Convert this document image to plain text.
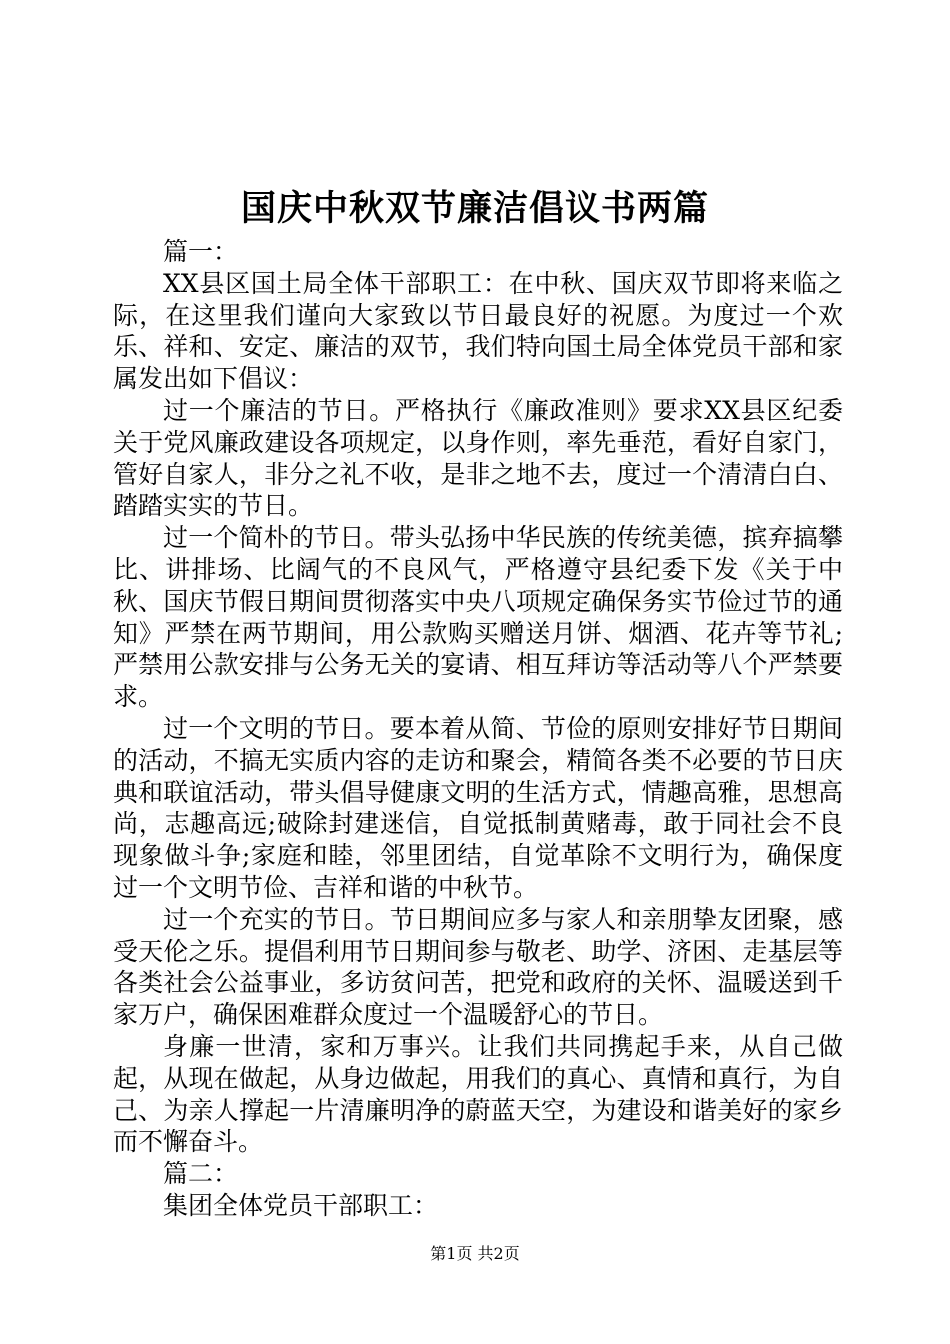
国庆中秋双节廉洁倡议书两篇

篇一：

XX县区国土局全体干部职工：在中秋、国庆双节即将来临之际，在这里我们谨向大家致以节日最良好的祝愿。为度过一个欢乐、祥和、安定、廉洁的双节，我们特向国土局全体党员干部和家属发出如下倡议：

过一个廉洁的节日。严格执行《廉政准则》要求XX县区纪委关于党风廉政建设各项规定，以身作则，率先垂范，看好自家门，管好自家人，非分之礼不收，是非之地不去，度过一个清清白白、踏踏实实的节日。

过一个简朴的节日。带头弘扬中华民族的传统美德，摈弃搞攀比、讲排场、比阔气的不良风气，严格遵守县纪委下发《关于中秋、国庆节假日期间贯彻落实中央八项规定确保务实节俭过节的通知》严禁在两节期间，用公款购买赠送月饼、烟酒、花卉等节礼;严禁用公款安排与公务无关的宴请、相互拜访等活动等八个严禁要求。

过一个文明的节日。要本着从简、节俭的原则安排好节日期间的活动，不搞无实质内容的走访和聚会，精简各类不必要的节日庆典和联谊活动，带头倡导健康文明的生活方式，情趣高雅，思想高尚，志趣高远;破除封建迷信，自觉抵制黄赌毒，敢于同社会不良现象做斗争;家庭和睦，邻里团结，自觉革除不文明行为，确保度过一个文明节俭、吉祥和谐的中秋节。

过一个充实的节日。节日期间应多与家人和亲朋挚友团聚，感受天伦之乐。提倡利用节日期间参与敬老、助学、济困、走基层等各类社会公益事业，多访贫问苦，把党和政府的关怀、温暖送到千家万户，确保困难群众度过一个温暖舒心的节日。

身廉一世清，家和万事兴。让我们共同携起手来，从自己做起，从现在做起，从身边做起，用我们的真心、真情和真行，为自己、为亲人撑起一片清廉明净的蔚蓝天空，为建设和谐美好的家乡而不懈奋斗。

篇二：

集团全体党员干部职工：

第1页 共2页
